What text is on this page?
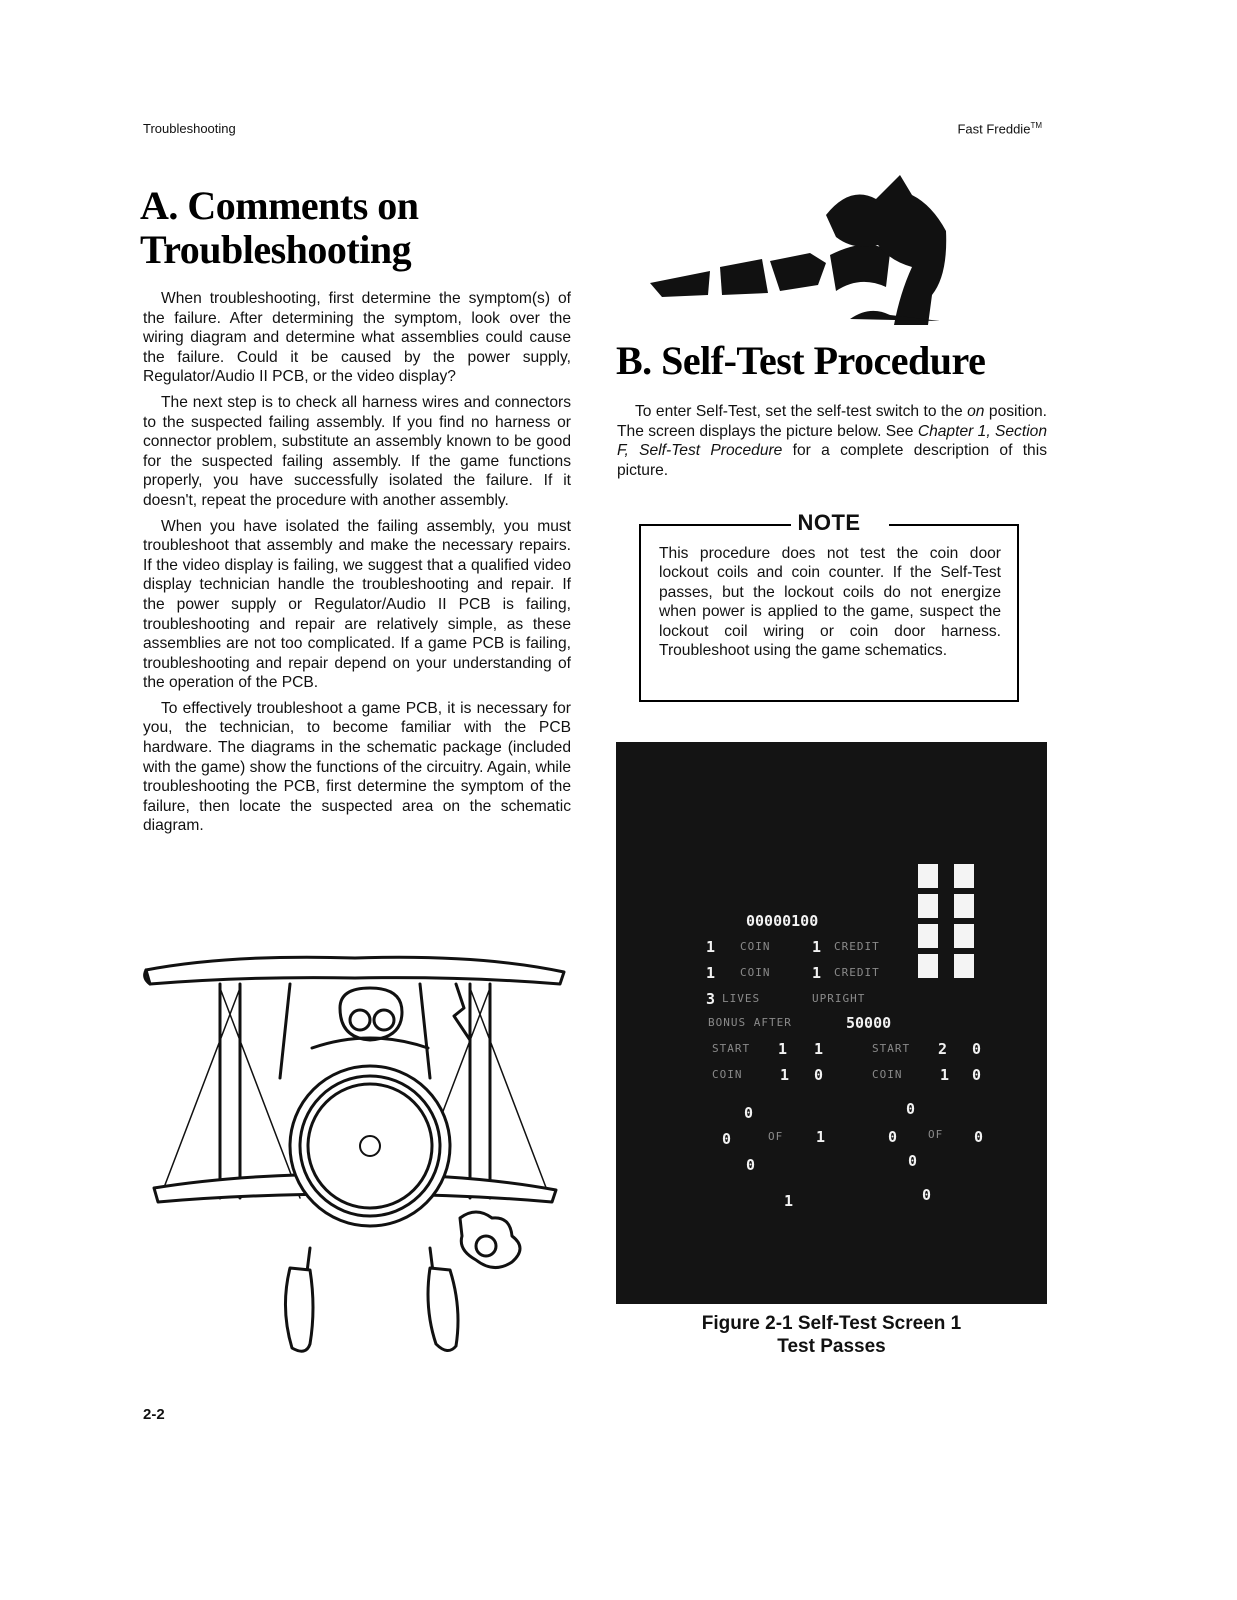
Troubleshooting	Fast Freddie™
A. Comments on Troubleshooting

When troubleshooting, first determine the symptom(s) of the failure. After determining the symptom, look over the wiring diagram and determine what assemblies could cause the failure. Could it be caused by the power supply, Regulator/Audio II PCB, or the video display?

The next step is to check all harness wires and connectors to the suspected failing assembly. If you find no harness or connector problem, substitute an assembly known to be good for the suspected failing assembly. If the game functions properly, you have successfully isolated the failure. If it doesn't, repeat the procedure with another assembly.

When you have isolated the failing assembly, you must troubleshoot that assembly and make the necessary repairs. If the video display is failing, we suggest that a qualified video display technician handle the troubleshooting and repair. If the power supply or Regulator/Audio II PCB is failing, troubleshooting and repair are relatively simple, as these assemblies are not too complicated. If a game PCB is failing, troubleshooting and repair depend on your understanding of the operation of the PCB.

To effectively troubleshoot a game PCB, it is necessary for you, the technician, to become familiar with the PCB hardware. The diagrams in the schematic package (included with the game) show the functions of the circuitry. Again, while troubleshooting the PCB, first determine the symptom of the failure, then locate the suspected area on the schematic diagram.

B. Self-Test Procedure

To enter Self-Test, set the self-test switch to the on position. The screen displays the picture below. See Chapter 1, Section F, Self-Test Procedure for a complete description of this picture.

NOTE
This procedure does not test the coin door lockout coils and coin counter. If the Self-Test passes, but the lockout coils do not energize when power is applied to the game, suspect the lockout coil wiring or coin door harness. Troubleshoot using the game schematics.
00000100
1 COIN	1 CREDIT
1 COIN	1 CREDIT
3 LIVES	UPRIGHT
BONUS AFTER	50000
START 1 1	START 2 0
COIN	1 0	COIN	1 0
0	0
0	1
OF	0	OF 0
0	0
1	0
Figure 2-1 Self-Test Screen 1
Test Passes
2-2
